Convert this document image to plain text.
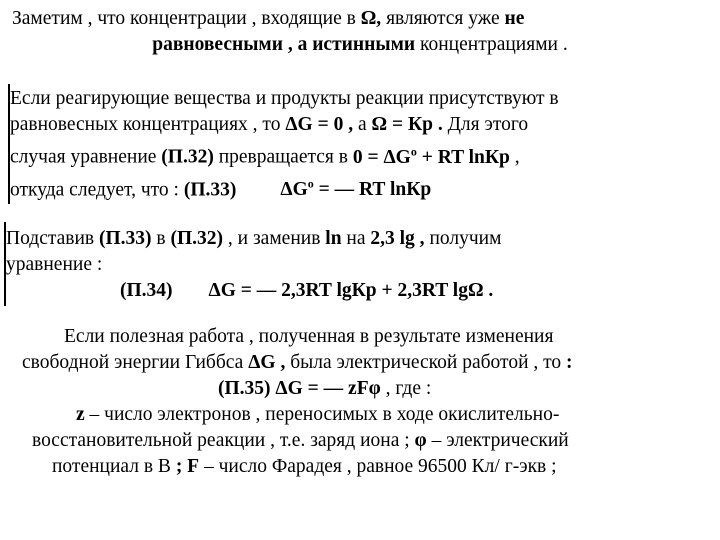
Заметим , что концентрации , входящие в Ω, являются уже не
равновесными , а истинными концентрациями .
Если реагирующие вещества и продукты реакции присутствуют в
равновесных концентрациях , то ΔG = 0 , а Ω = Кр . Для этого
случая уравнение (П.32) превращается в $0 = \Delta G^o$ + RT lnКр ,
откуда следует, что : (П.33) $\Delta G^o$ = — RT lnКр
Подставив (П.33) в (П.32) , и заменив ln на 2,3 lg , получим
уравнение :
(П.34) ΔG = — 2,3RT lgКр + 2,3RT lgΩ .
Если полезная работа , полученная в результате изменения
свободной энергии Гиббса ΔG , была электрической работой , то :
(П.35) ΔG = — zFφ , где :
z – число электронов , переносимых в ходе окислительно-
восстановительной реакции , т.е. заряд иона ; φ – электрический
потенциал в В ; F – число Фарадея , равное 96500 Кл/ г-экв ;
